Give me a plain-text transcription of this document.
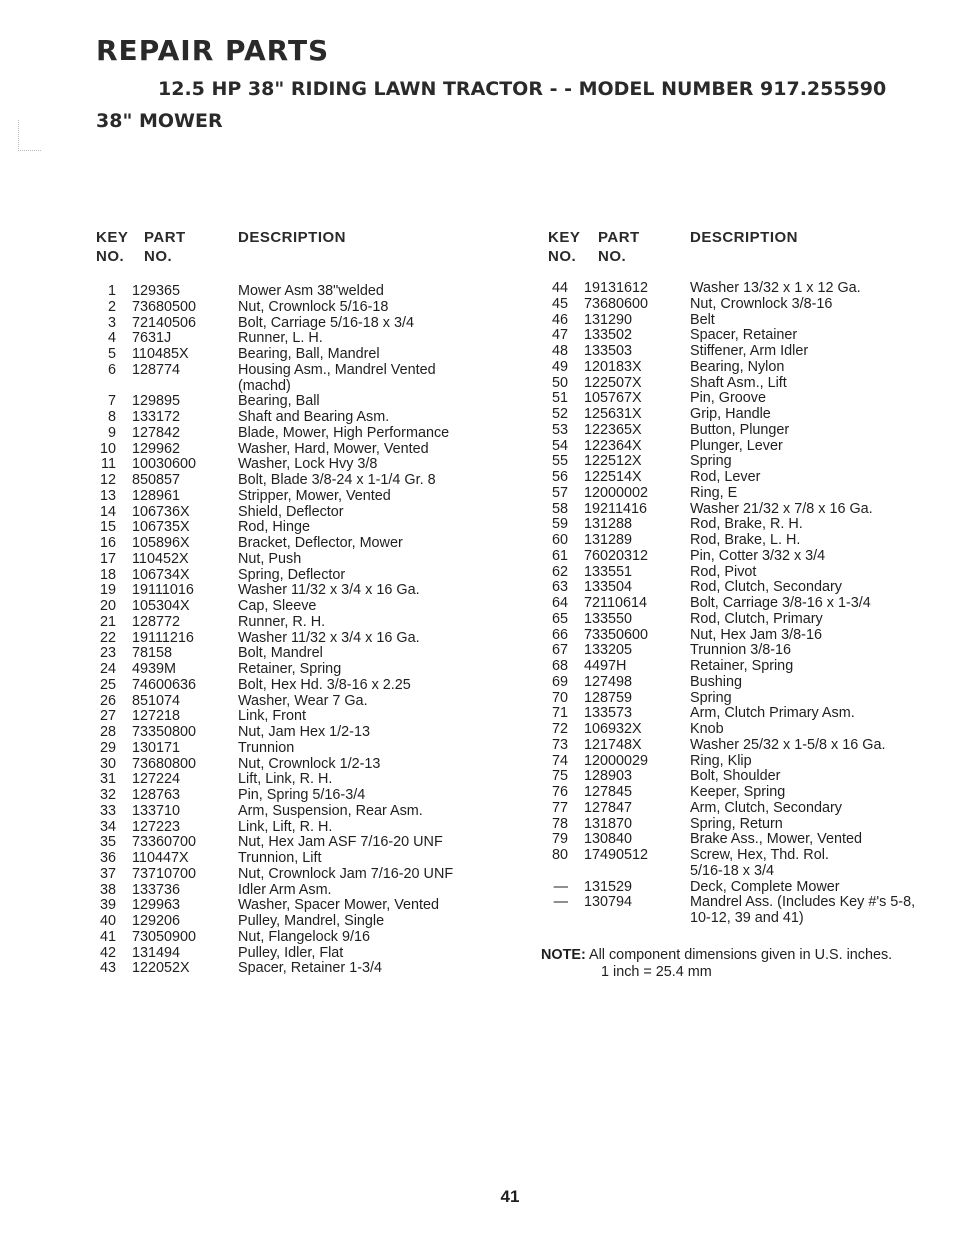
REPAIR PARTS
12.5 HP 38" RIDING LAWN TRACTOR - - MODEL NUMBER 917.255590
38" MOWER
KEY
NO.
PART
NO.
DESCRIPTION	KEY
NO.
PART
NO.
DESCRIPTION
1 129365	Mower Asm 38"welded
2 73680500	Nut, Crownlock 5/16-18
3 72140506	Bolt, Carriage 5/16-18 x 3/4
4 7631J	Runner, L. H.
5 110485X	Bearing, Ball, Mandrel
6 128774	Housing Asm., Mandrel Vented
(machd)
7 129895	Bearing, Ball
8 133172	Shaft and Bearing Asm.
9 127842	Blade, Mower, High Performance
10 129962	Washer, Hard, Mower, Vented
11 10030600	Washer, Lock Hvy 3/8
12 850857	Bolt, Blade 3/8-24 x 1-1/4 Gr. 8
13 128961	Stripper, Mower, Vented
14 106736X	Shield, Deflector
15 106735X	Rod, Hinge
16 105896X	Bracket, Deflector, Mower
17 110452X	Nut, Push
18 106734X	Spring, Deflector
19 19111016	Washer 11/32 x 3/4 x 16 Ga.
20 105304X	Cap, Sleeve
21 128772	Runner, R. H.
22 19111216	Washer 11/32 x 3/4 x 16 Ga.
23 78158	Bolt, Mandrel
24 4939M	Retainer, Spring
25 74600636	Bolt, Hex Hd. 3/8-16 x 2.25
26 851074	Washer, Wear 7 Ga.
27 127218	Link, Front
28 73350800	Nut, Jam Hex 1/2-13
29 130171	Trunnion
30 73680800	Nut, Crownlock 1/2-13
31 127224	Lift, Link, R. H.
32 128763	Pin, Spring 5/16-3/4
33 133710	Arm, Suspension, Rear Asm.
34 127223	Link, Lift, R. H.
35 73360700	Nut, Hex Jam ASF 7/16-20 UNF
36 110447X	Trunnion, Lift
37 73710700	Nut, Crownlock Jam 7/16-20 UNF
38 133736	Idler Arm Asm.
39 129963	Washer, Spacer Mower, Vented
40 129206	Pulley, Mandrel, Single
41 73050900	Nut, Flangelock 9/16
42 131494	Pulley, Idler, Flat
43 122052X	Spacer, Retainer 1-3/4
44 19131612	Washer 13/32 x 1 x 12 Ga.
45 73680600	Nut, Crownlock 3/8-16
46 131290	Belt
47 133502	Spacer, Retainer
48 133503	Stiffener, Arm Idler
49 120183X	Bearing, Nylon
50 122507X	Shaft Asm., Lift
51 105767X	Pin, Groove
52 125631X	Grip, Handle
53 122365X	Button, Plunger
54 122364X	Plunger, Lever
55 122512X	Spring
56 122514X	Rod, Lever
57 12000002	Ring, E
58 19211416	Washer 21/32 x 7/8 x 16 Ga.
59 131288	Rod, Brake, R. H.
60 131289	Rod, Brake, L. H.
61 76020312	Pin, Cotter 3/32 x 3/4
62 133551	Rod, Pivot
63 133504	Rod, Clutch, Secondary
64 72110614	Bolt, Carriage 3/8-16 x 1-3/4
65 133550	Rod, Clutch, Primary
66 73350600	Nut, Hex Jam 3/8-16
67 133205	Trunnion 3/8-16
68 4497H	Retainer, Spring
69 127498	Bushing
70 128759	Spring
71 133573	Arm, Clutch Primary Asm.
72 106932X	Knob
73 121748X	Washer 25/32 x 1-5/8 x 16 Ga.
74 12000029	Ring, Klip
75 128903	Bolt, Shoulder
76 127845	Keeper, Spring
77 127847	Arm, Clutch, Secondary
78 131870	Spring, Return
79 130840	Brake Ass., Mower, Vented
80 17490512	Screw, Hex, Thd. Rol.
5/16-18 x 3/4
— 131529	Deck, Complete Mower
— 130794	Mandrel Ass. (Includes Key #'s 5-8,
10-12, 39 and 41)
NOTE: All component dimensions given in U.S. inches.
1 inch = 25.4 mm
41
